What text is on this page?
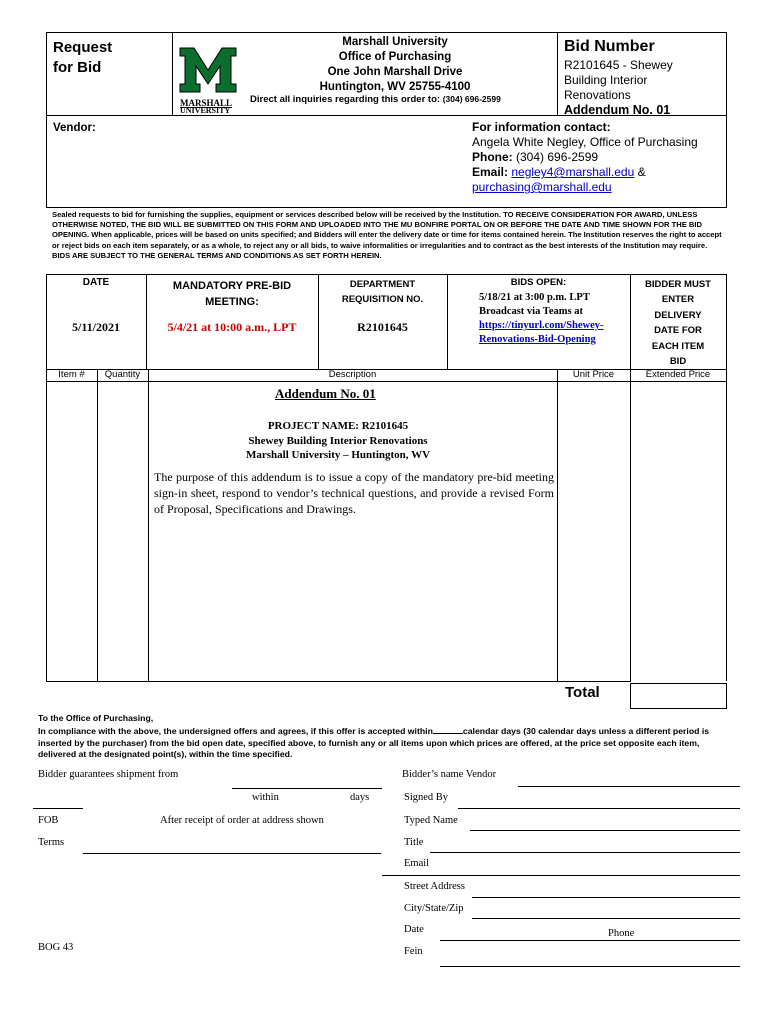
Request
for Bid
MARSHALL
UNIVERSITY
Marshall University
Office of Purchasing
One John Marshall Drive
Huntington, WV 25755-4100
Direct all inquiries regarding this order to: (304) 696-2599
Bid Number
R2101645 - Shewey
Building Interior
Renovations
Addendum No. 01
Vendor:	For information contact:
Angela White Negley, Office of Purchasing
Phone: (304) 696-2599
Email: negley4@marshall.edu &
purchasing@marshall.edu
Sealed requests to bid for furnishing the supplies, equipment or services described below will be received by the Institution. TO RECEIVE CONSIDERATION FOR AWARD, UNLESS OTHERWISE NOTED, THE BID WILL BE SUBMITTED ON THIS FORM AND UPLOADED INTO THE MU BONFIRE PORTAL ON OR BEFORE THE DATE AND TIME SHOWN FOR THE BID OPENING. When applicable, prices will be based on units specified; and Bidders will enter the delivery date or time for items contained herein. The Institution reserves the right to accept or reject bids on each item separately, or as a whole, to reject any or all bids, to waive informalities or irregularities and to contract as the best interests of the Institution may require. BIDS ARE SUBJECT TO THE GENERAL TERMS AND CONDITIONS AS SET FORTH HEREIN.
DATE
5/11/2021
MANDATORY PRE-BID
MEETING:
5/4/21 at 10:00 a.m., LPT
DEPARTMENT
REQUISITION NO.
R2101645
BIDS OPEN:
5/18/21 at 3:00 p.m. LPT
Broadcast via Teams at
https://tinyurl.com/Shewey-
Renovations-Bid-Opening
BIDDER MUST
ENTER
DELIVERY
DATE FOR
EACH ITEM
BID
Item #	Quantity	Description	Unit Price	Extended Price
Addendum No. 01
PROJECT NAME: R2101645
Shewey Building Interior Renovations
Marshall University – Huntington, WV
The purpose of this addendum is to issue a copy of the mandatory pre-bid meeting sign-in sheet, respond to vendor’s technical questions, and provide a revised Form of Proposal, Specifications and Drawings.
Total
To the Office of Purchasing,
In compliance with the above, the undersigned offers and agrees, if this offer is accepted within	calendar days (30 calendar days unless a different period is inserted by the purchaser) from the bid open date, specified above, to furnish any or all items upon which prices are offered, at the price set opposite each item, delivered at the designated point(s), within the time specified.
Bidder guarantees shipment from
within	days
FOB	After receipt of order at address shown
Terms
BOG 43
Bidder’s name Vendor
Signed By
Typed Name
Title
Email
Street Address
City/State/Zip
Date	Phone
Fein
